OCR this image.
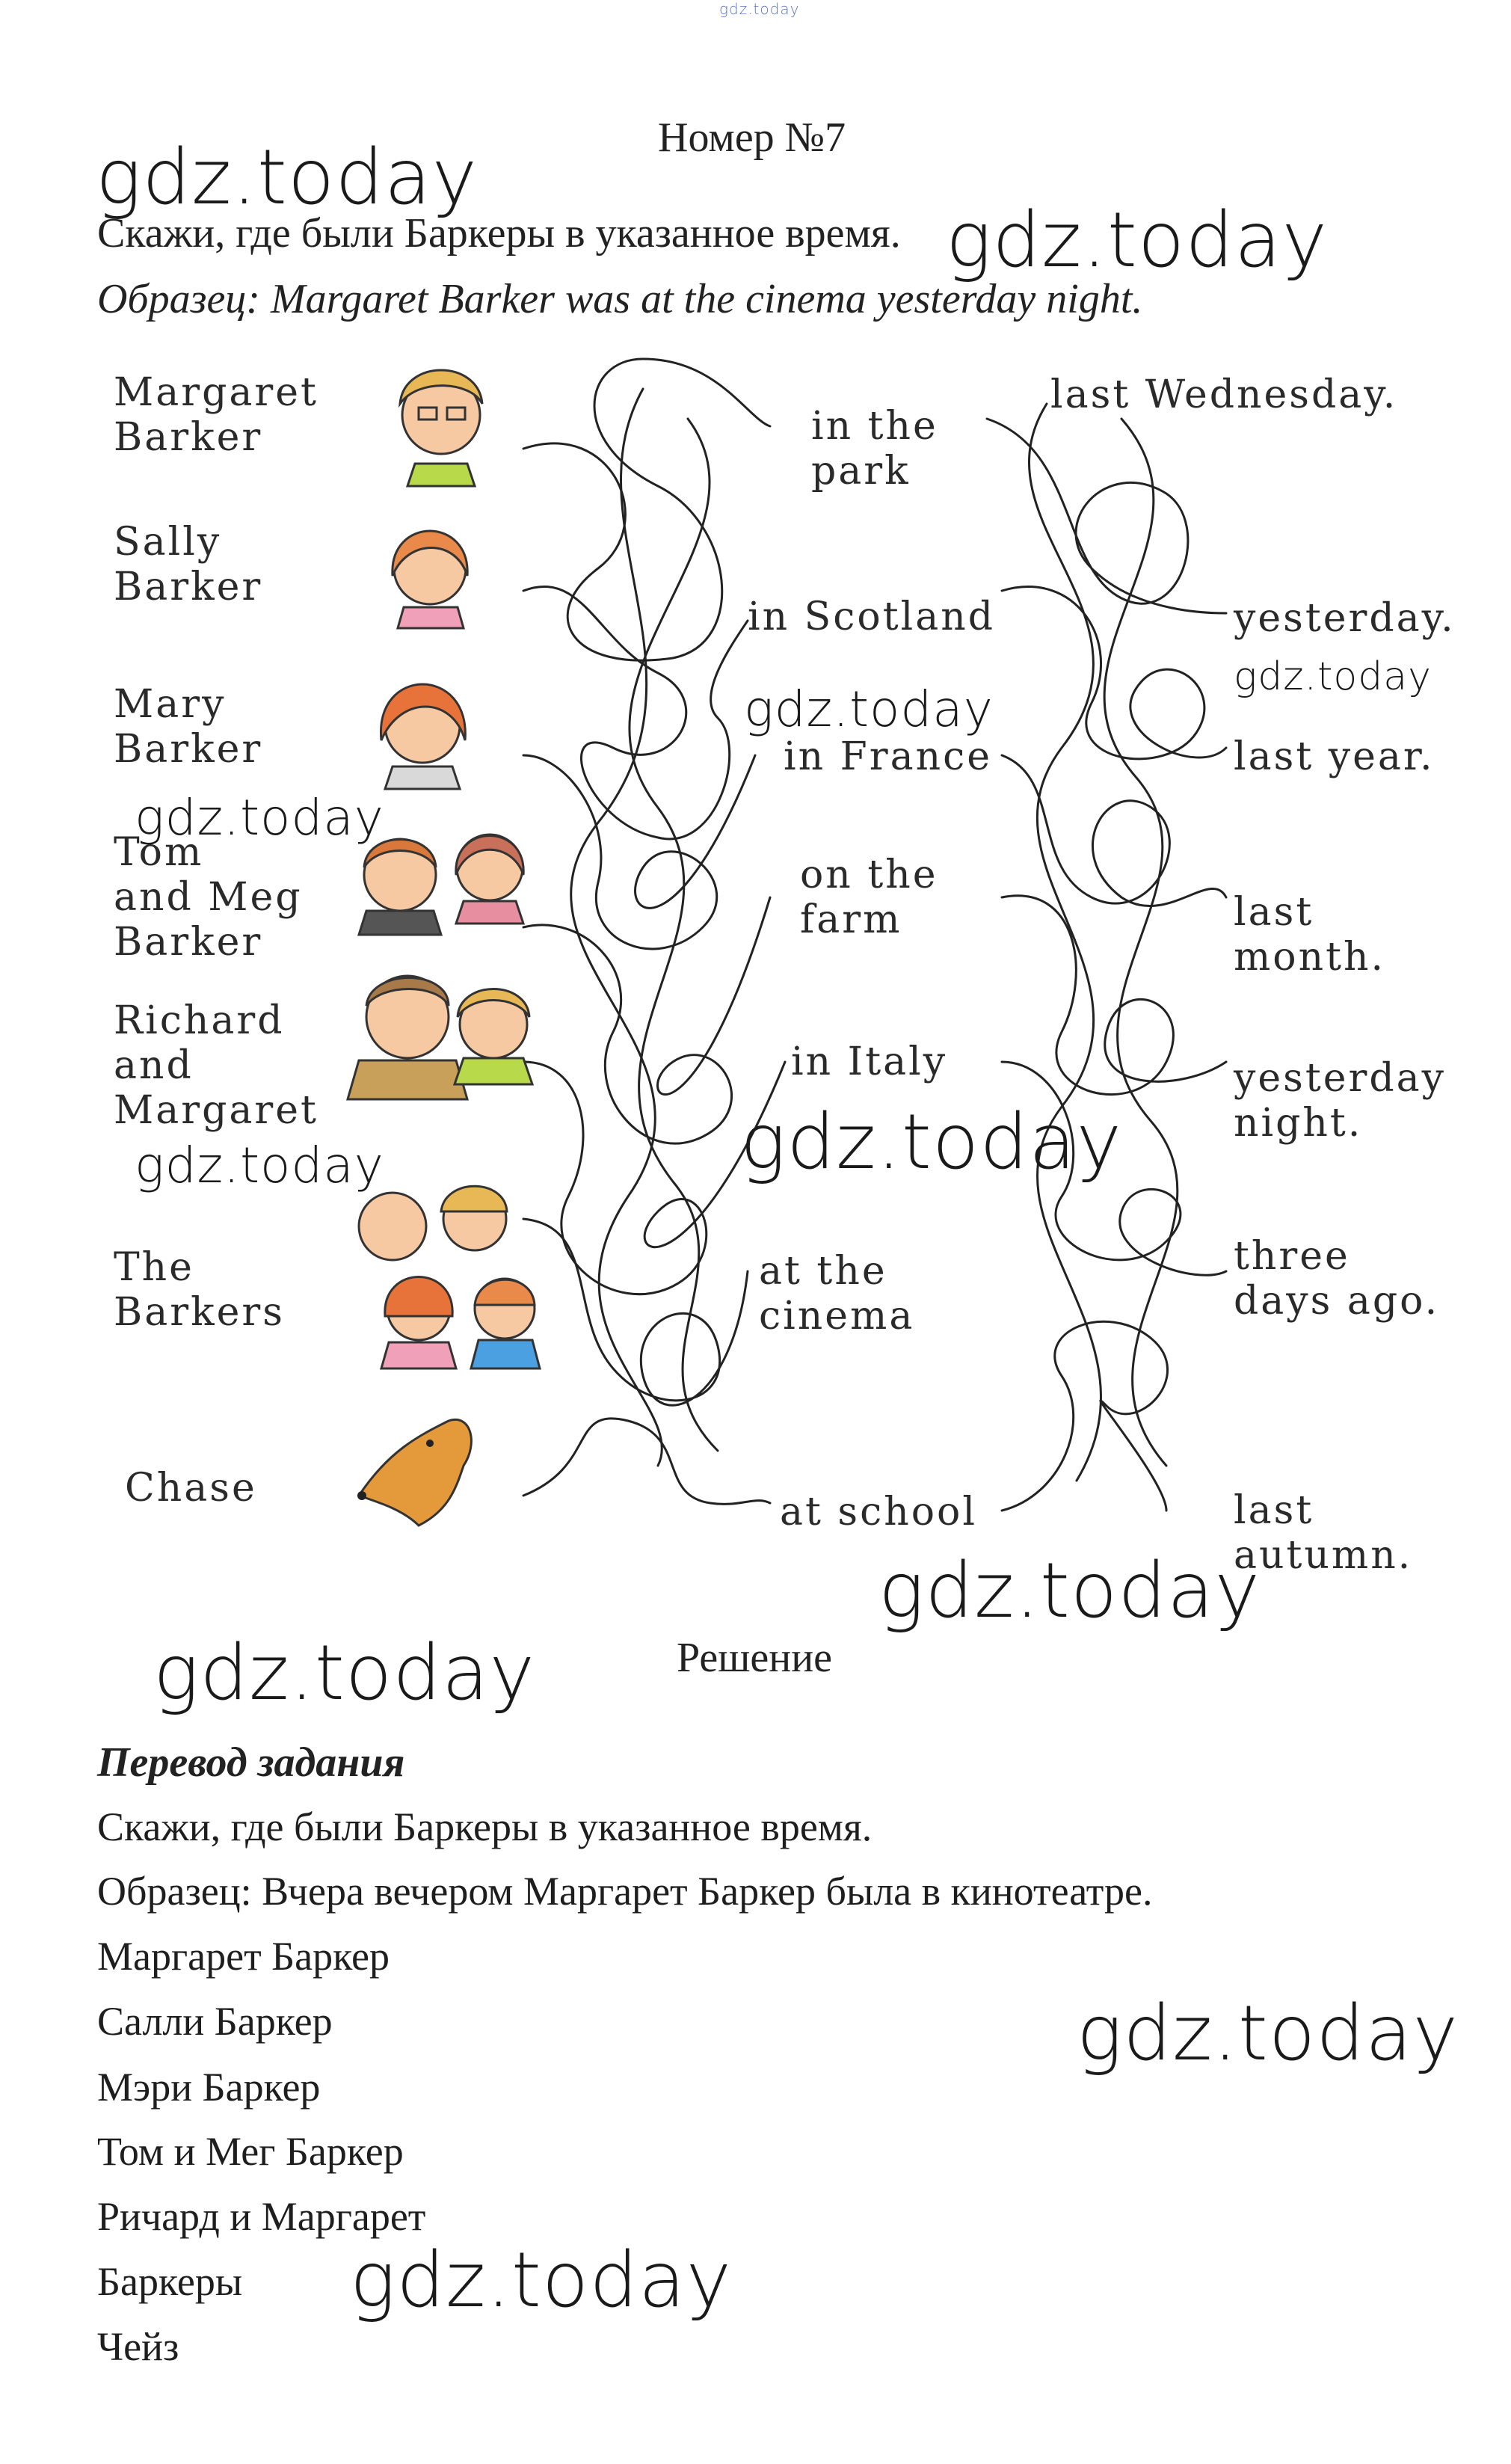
gdz.today
Номер №7
Скажи, где были Баркеры в указанное время.
Образец: Margaret Barker was at the cinema yesterday night.
Margaret
Barker
Sally
Barker
Mary
Barker
Tom
and Meg
Barker
Richard
and
Margaret
The
Barkers
Chase
in the
park
in Scotland
in France
on the
farm
in Italy
at the
cinema
at school
last Wednesday.
yesterday.
last year.
last
month.
yesterday
night.
three
days ago.
last
autumn.
Решение
Перевод задания
Скажи, где были Баркеры в указанное время.
Образец: Вчера вечером Маргарет Баркер была в кинотеатре.
Маргарет Баркер
Салли Баркер
Мэри Баркер
Том и Мег Баркер
Ричард и Маргарет
Баркеры
Чейз
gdz.today
gdz.today
gdz.today
gdz.today
gdz.today
gdz.today
gdz.today
gdz.today
gdz.today
gdz.today
gdz.today
